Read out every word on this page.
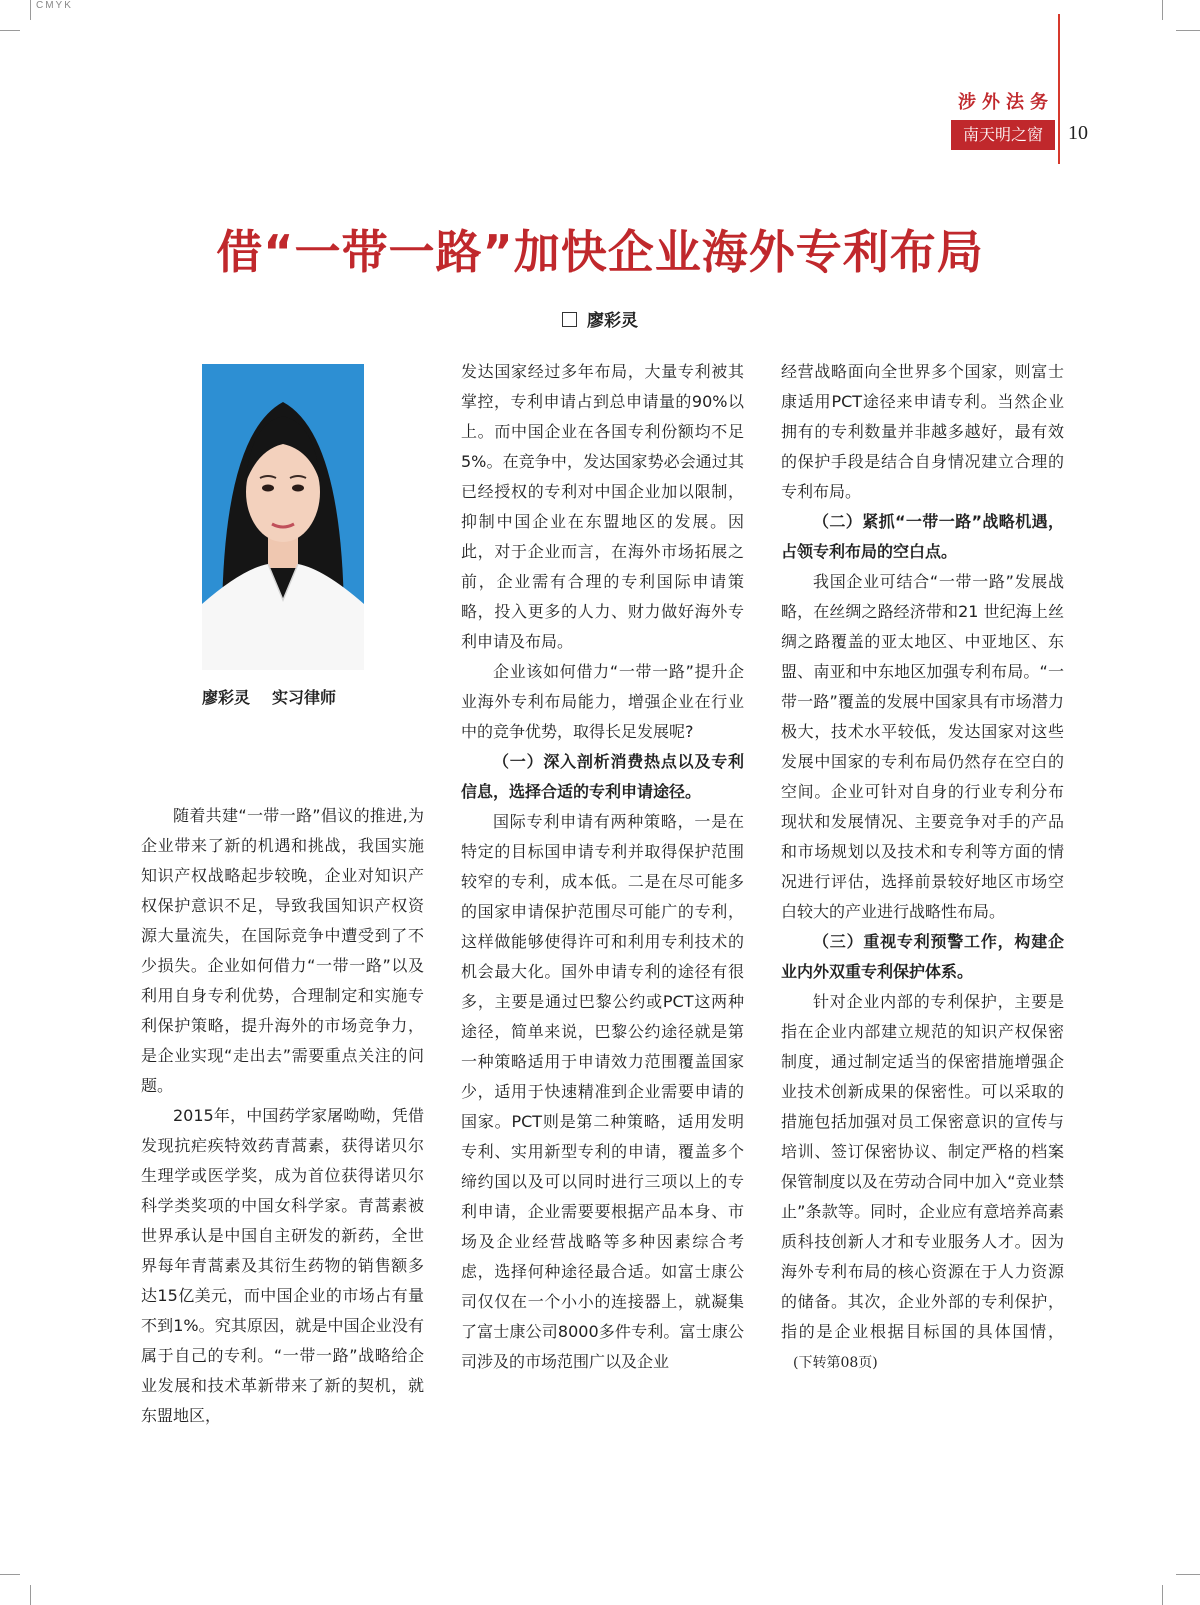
CMYK
涉外法务
南天明之窗	10
借“一带一路”加快企业海外专利布局
廖彩灵
廖彩灵 实习律师

随着共建“一带一路”倡议的推进,为企业带来了新的机遇和挑战，我国实施知识产权战略起步较晚，企业对知识产权保护意识不足，导致我国知识产权资源大量流失，在国际竞争中遭受到了不少损失。企业如何借力“一带一路”以及利用自身专利优势，合理制定和实施专利保护策略，提升海外的市场竞争力，是企业实现“走出去”需要重点关注的问题。

2015年，中国药学家屠呦呦，凭借发现抗疟疾特效药青蒿素，获得诺贝尔生理学或医学奖，成为首位获得诺贝尔科学类奖项的中国女科学家。青蒿素被世界承认是中国自主研发的新药，全世界每年青蒿素及其衍生药物的销售额多达15亿美元，而中国企业的市场占有量不到1%。究其原因，就是中国企业没有属于自己的专利。“一带一路”战略给企业发展和技术革新带来了新的契机，就东盟地区，

发达国家经过多年布局，大量专利被其掌控，专利申请占到总申请量的90%以上。而中国企业在各国专利份额均不足5%。在竞争中，发达国家势必会通过其已经授权的专利对中国企业加以限制，抑制中国企业在东盟地区的发展。因此，对于企业而言，在海外市场拓展之前，企业需有合理的专利国际申请策略，投入更多的人力、财力做好海外专利申请及布局。

企业该如何借力“一带一路”提升企业海外专利布局能力，增强企业在行业中的竞争优势，取得长足发展呢?

（一）深入剖析消费热点以及专利信息，选择合适的专利申请途径。

国际专利申请有两种策略，一是在特定的目标国申请专利并取得保护范围较窄的专利，成本低。二是在尽可能多的国家申请保护范围尽可能广的专利，这样做能够使得许可和利用专利技术的机会最大化。国外申请专利的途径有很多，主要是通过巴黎公约或PCT这两种途径，简单来说，巴黎公约途径就是第一种策略适用于申请效力范围覆盖国家少，适用于快速精准到企业需要申请的国家。PCT则是第二种策略，适用发明专利、实用新型专利的申请，覆盖多个缔约国以及可以同时进行三项以上的专利申请，企业需要要根据产品本身、市场及企业经营战略等多种因素综合考虑，选择何种途径最合适。如富士康公司仅仅在一个小小的连接器上，就凝集了富士康公司8000多件专利。富士康公司涉及的市场范围广以及企业

经营战略面向全世界多个国家，则富士康适用PCT途径来申请专利。当然企业拥有的专利数量并非越多越好，最有效的保护手段是结合自身情况建立合理的专利布局。

（二）紧抓“一带一路”战略机遇，占领专利布局的空白点。

我国企业可结合“一带一路”发展战略，在丝绸之路经济带和21 世纪海上丝绸之路覆盖的亚太地区、中亚地区、东盟、南亚和中东地区加强专利布局。“一带一路”覆盖的发展中国家具有市场潜力极大，技术水平较低，发达国家对这些发展中国家的专利布局仍然存在空白的空间。企业可针对自身的行业专利分布现状和发展情况、主要竞争对手的产品和市场规划以及技术和专利等方面的情况进行评估，选择前景较好地区市场空白较大的产业进行战略性布局。

（三）重视专利预警工作，构建企业内外双重专利保护体系。

针对企业内部的专利保护，主要是指在企业内部建立规范的知识产权保密制度，通过制定适当的保密措施增强企业技术创新成果的保密性。可以采取的措施包括加强对员工保密意识的宣传与培训、签订保密协议、制定严格的档案保管制度以及在劳动合同中加入“竞业禁止”条款等。同时，企业应有意培养高素质科技创新人才和专业服务人才。因为海外专利布局的核心资源在于人力资源的储备。其次，企业外部的专利保护，指的是企业根据目标国的具体国情，(下转第08页)
